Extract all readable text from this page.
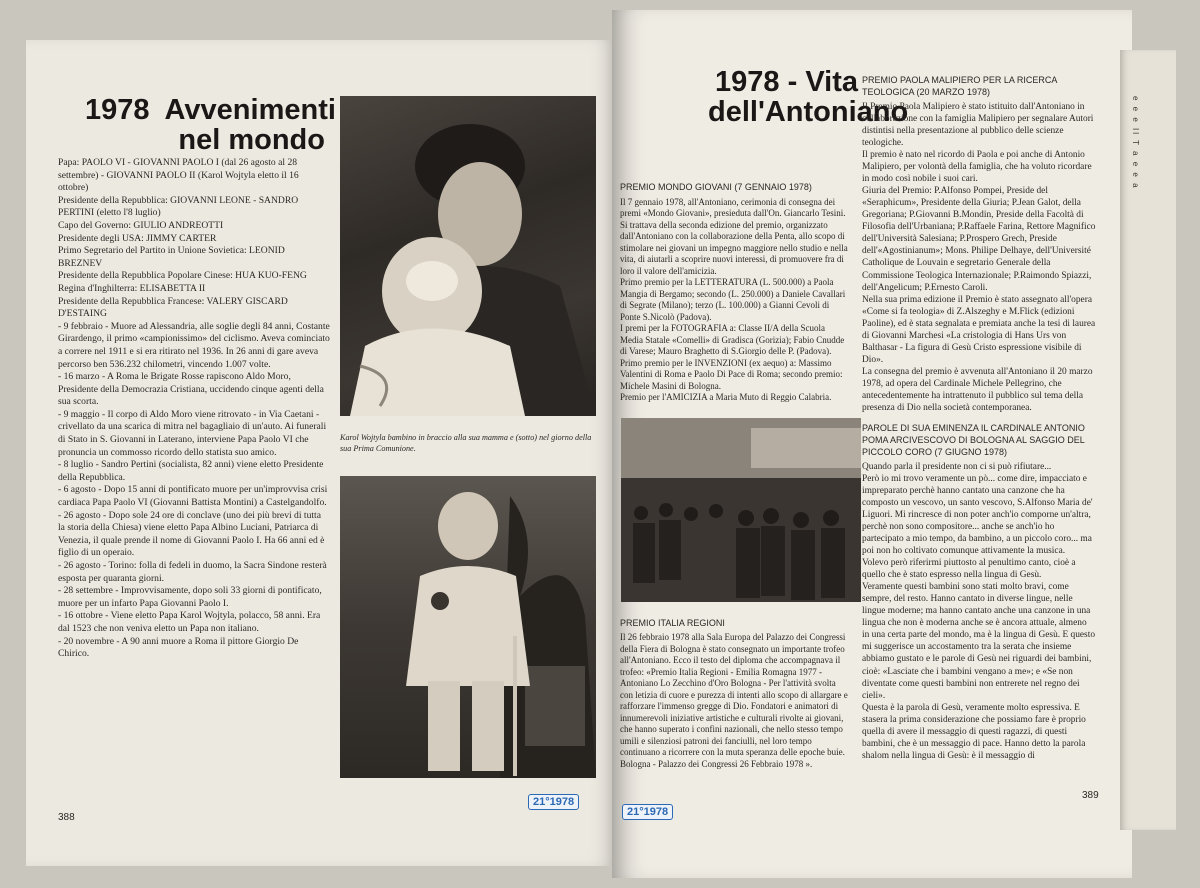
1978  Avvenimenti
nel mondo

Papa: PAOLO VI - GIOVANNI PAOLO I (dal 26 agosto al 28 settembre) - GIOVANNI PAOLO II (Karol Wojtyla eletto il 16 ottobre)

Presidente della Repubblica: GIOVANNI LEONE - SANDRO PERTINI (eletto l'8 luglio)

Capo del Governo: GIULIO ANDREOTTI

Presidente degli USA: JIMMY CARTER

Primo Segretario del Partito in Unione Sovietica: LEONID BREZNEV

Presidente della Repubblica Popolare Cinese: HUA KUO-FENG

Regina d'Inghilterra: ELISABETTA II

Presidente della Repubblica Francese: VALERY GISCARD D'ESTAING

- 9 febbraio - Muore ad Alessandria, alle soglie degli 84 anni, Costante Girardengo, il primo «campionissimo» del ciclismo. Aveva cominciato a correre nel 1911 e si era ritirato nel 1936. In 26 anni di gare aveva percorso ben 536.232 chilometri, vincendo 1.007 volte.

- 16 marzo - A Roma le Brigate Rosse rapiscono Aldo Moro, Presidente della Democrazia Cristiana, uccidendo cinque agenti della sua scorta.

- 9 maggio - Il corpo di Aldo Moro viene ritrovato - in Via Caetani - crivellato da una scarica di mitra nel bagagliaio di un'auto. Ai funerali di Stato in S. Giovanni in Laterano, interviene Papa Paolo VI che pronuncia un commosso ricordo dello statista suo amico.

- 8 luglio - Sandro Pertini (socialista, 82 anni) viene eletto Presidente della Repubblica.

- 6 agosto - Dopo 15 anni di pontificato muore per un'improvvisa crisi cardiaca Papa Paolo VI (Giovanni Battista Montini) a Castelgandolfo.

- 26 agosto - Dopo sole 24 ore di conclave (uno dei più brevi di tutta la storia della Chiesa) viene eletto Papa Albino Luciani, Patriarca di Venezia, il quale prende il nome di Giovanni Paolo I. Ha 66 anni ed è figlio di un operaio.

- 26 agosto - Torino: folla di fedeli in duomo, la Sacra Sindone resterà esposta per quaranta giorni.

- 28 settembre - Improvvisamente, dopo soli 33 giorni di pontificato, muore per un infarto Papa Giovanni Paolo I.

- 16 ottobre - Viene eletto Papa Karol Wojtyla, polacco, 58 anni. Era dal 1523 che non veniva eletto un Papa non italiano.

- 20 novembre - A 90 anni muore a Roma il pittore Giorgio De Chirico.

Karol Wojtyla bambino in braccio alla sua mamma e (sotto) nel giorno della sua Prima Comunione.
388
21°1978
1978 - Vita
dell'Antoniano
PREMIO MONDO GIOVANI (7 GENNAIO 1978)

Il 7 gennaio 1978, all'Antoniano, cerimonia di consegna dei premi «Mondo Giovani», presieduta dall'On. Giancarlo Tesini.

Si trattava della seconda edizione del premio, organizzato dall'Antoniano con la collaborazione della Penta, allo scopo di stimolare nei giovani un impegno maggiore nello studio e nella vita, di aiutarli a scoprire nuovi interessi, di promuovere fra di loro il valore dell'amicizia.

Primo premio per la LETTERATURA (L. 500.000) a Paola Mangia di Bergamo; secondo (L. 250.000) a Daniele Cavallari di Segrate (Milano); terzo (L. 100.000) a Gianni Cevoli di Ponte S.Nicolò (Padova).

I premi per la FOTOGRAFIA a: Classe II/A della Scuola Media Statale «Comelli» di Gradisca (Gorizia); Fabio Cnudde di Varese; Mauro Braghetto di S.Giorgio delle P. (Padova).

Primo premio per le INVENZIONI (ex aequo) a: Massimo Valentini di Roma e Paolo Di Pace di Roma; secondo premio: Michele Masini di Bologna.

Premio per l'AMICIZIA a Maria Muto di Reggio Calabria.

PREMIO ITALIA REGIONI

Il 26 febbraio 1978 alla Sala Europa del Palazzo dei Congressi della Fiera di Bologna è stato consegnato un importante trofeo all'Antoniano. Ecco il testo del diploma che accompagnava il trofeo: «Premio Italia Regioni - Emilia Romagna 1977 - Antoniano Lo Zecchino d'Oro Bologna - Per l'attività svolta con letizia di cuore e purezza di intenti allo scopo di allargare e rafforzare l'immenso gregge di Dio. Fondatori e animatori di innumerevoli iniziative artistiche e culturali rivolte ai giovani, che hanno superato i confini nazionali, che nello stesso tempo umili e silenziosi patroni dei fanciulli, nel loro tempo continuano a ricorrere con la muta speranza delle epoche buie. Bologna - Palazzo dei Congressi 26 Febbraio 1978 ».

PREMIO PAOLA MALIPIERO PER LA RICERCA TEOLOGICA (20 MARZO 1978)

Il Premio Paola Malipiero è stato istituito dall'Antoniano in collaborazione con la famiglia Malipiero per segnalare Autori distintisi nella presentazione al pubblico delle scienze teologiche.

Il premio è nato nel ricordo di Paola e poi anche di Antonio Malipiero, per volontà della famiglia, che ha voluto ricordare in modo così nobile i suoi cari.

Giuria del Premio: P.Alfonso Pompei, Preside del «Seraphicum», Presidente della Giuria; P.Jean Galot, della Gregoriana; P.Giovanni B.Mondin, Preside della Facoltà di Filosofia dell'Urbaniana; P.Raffaele Farina, Rettore Magnifico dell'Università Salesiana; P.Prospero Grech, Preside dell'«Agostinianum»; Mons. Philipe Delhaye, dell'Université Catholique de Louvain e segretario Generale della Commissione Teologica Internazionale; P.Raimondo Spiazzi, dell'Angelicum; P.Ernesto Caroli.

Nella sua prima edizione il Premio è stato assegnato all'opera «Come si fa teologia» di Z.Alszeghy e M.Flick (edizioni Paoline), ed è stata segnalata e premiata anche la tesi di laurea di Giovanni Marchesi «La cristologia di Hans Urs von Balthasar - La figura di Gesù Cristo espressione visibile di Dio».

La consegna del premio è avvenuta all'Antoniano il 20 marzo 1978, ad opera del Cardinale Michele Pellegrino, che antecedentemente ha intrattenuto il pubblico sul tema della presenza di Dio nella società contemporanea.

PAROLE DI SUA EMINENZA IL CARDINALE ANTONIO POMA ARCIVESCOVO DI BOLOGNA AL SAGGIO DEL PICCOLO CORO (7 GIUGNO 1978)

Quando parla il presidente non ci si può rifiutare...

Però io mi trovo veramente un pò... come dire, impacciato e impreparato perchè hanno cantato una canzone che ha composto un vescovo, un santo vescovo, S.Alfonso Maria de' Liguori. Mi rincresce di non poter anch'io comporne un'altra, perchè non sono compositore... anche se anch'io ho partecipato a mio tempo, da bambino, a un piccolo coro... ma poi non ho coltivato comunque attivamente la musica.

Volevo però riferirmi piuttosto al penultimo canto, cioè a quello che è stato espresso nella lingua di Gesù.

Veramente questi bambini sono stati molto bravi, come sempre, del resto. Hanno cantato in diverse lingue, nelle lingue moderne; ma hanno cantato anche una canzone in una lingua che non è moderna anche se è ancora attuale, almeno in una certa parte del mondo, ma è la lingua di Gesù. E questo mi suggerisce un accostamento tra la serata che insieme abbiamo gustato e le parole di Gesù nei riguardi dei bambini, cioè: «Lasciate che i bambini vengano a me»; e «Se non diventate come questi bambini non entrerete nel regno dei cieli».

Questa è la parola di Gesù, veramente molto espressiva. E stasera la prima considerazione che possiamo fare è proprio quella di avere il messaggio di questi ragazzi, di questi bambini, che è un messaggio di pace. Hanno detto la parola shalom nella lingua di Gesù: è il messaggio di

389
21°1978
e e e Il T a e e a
